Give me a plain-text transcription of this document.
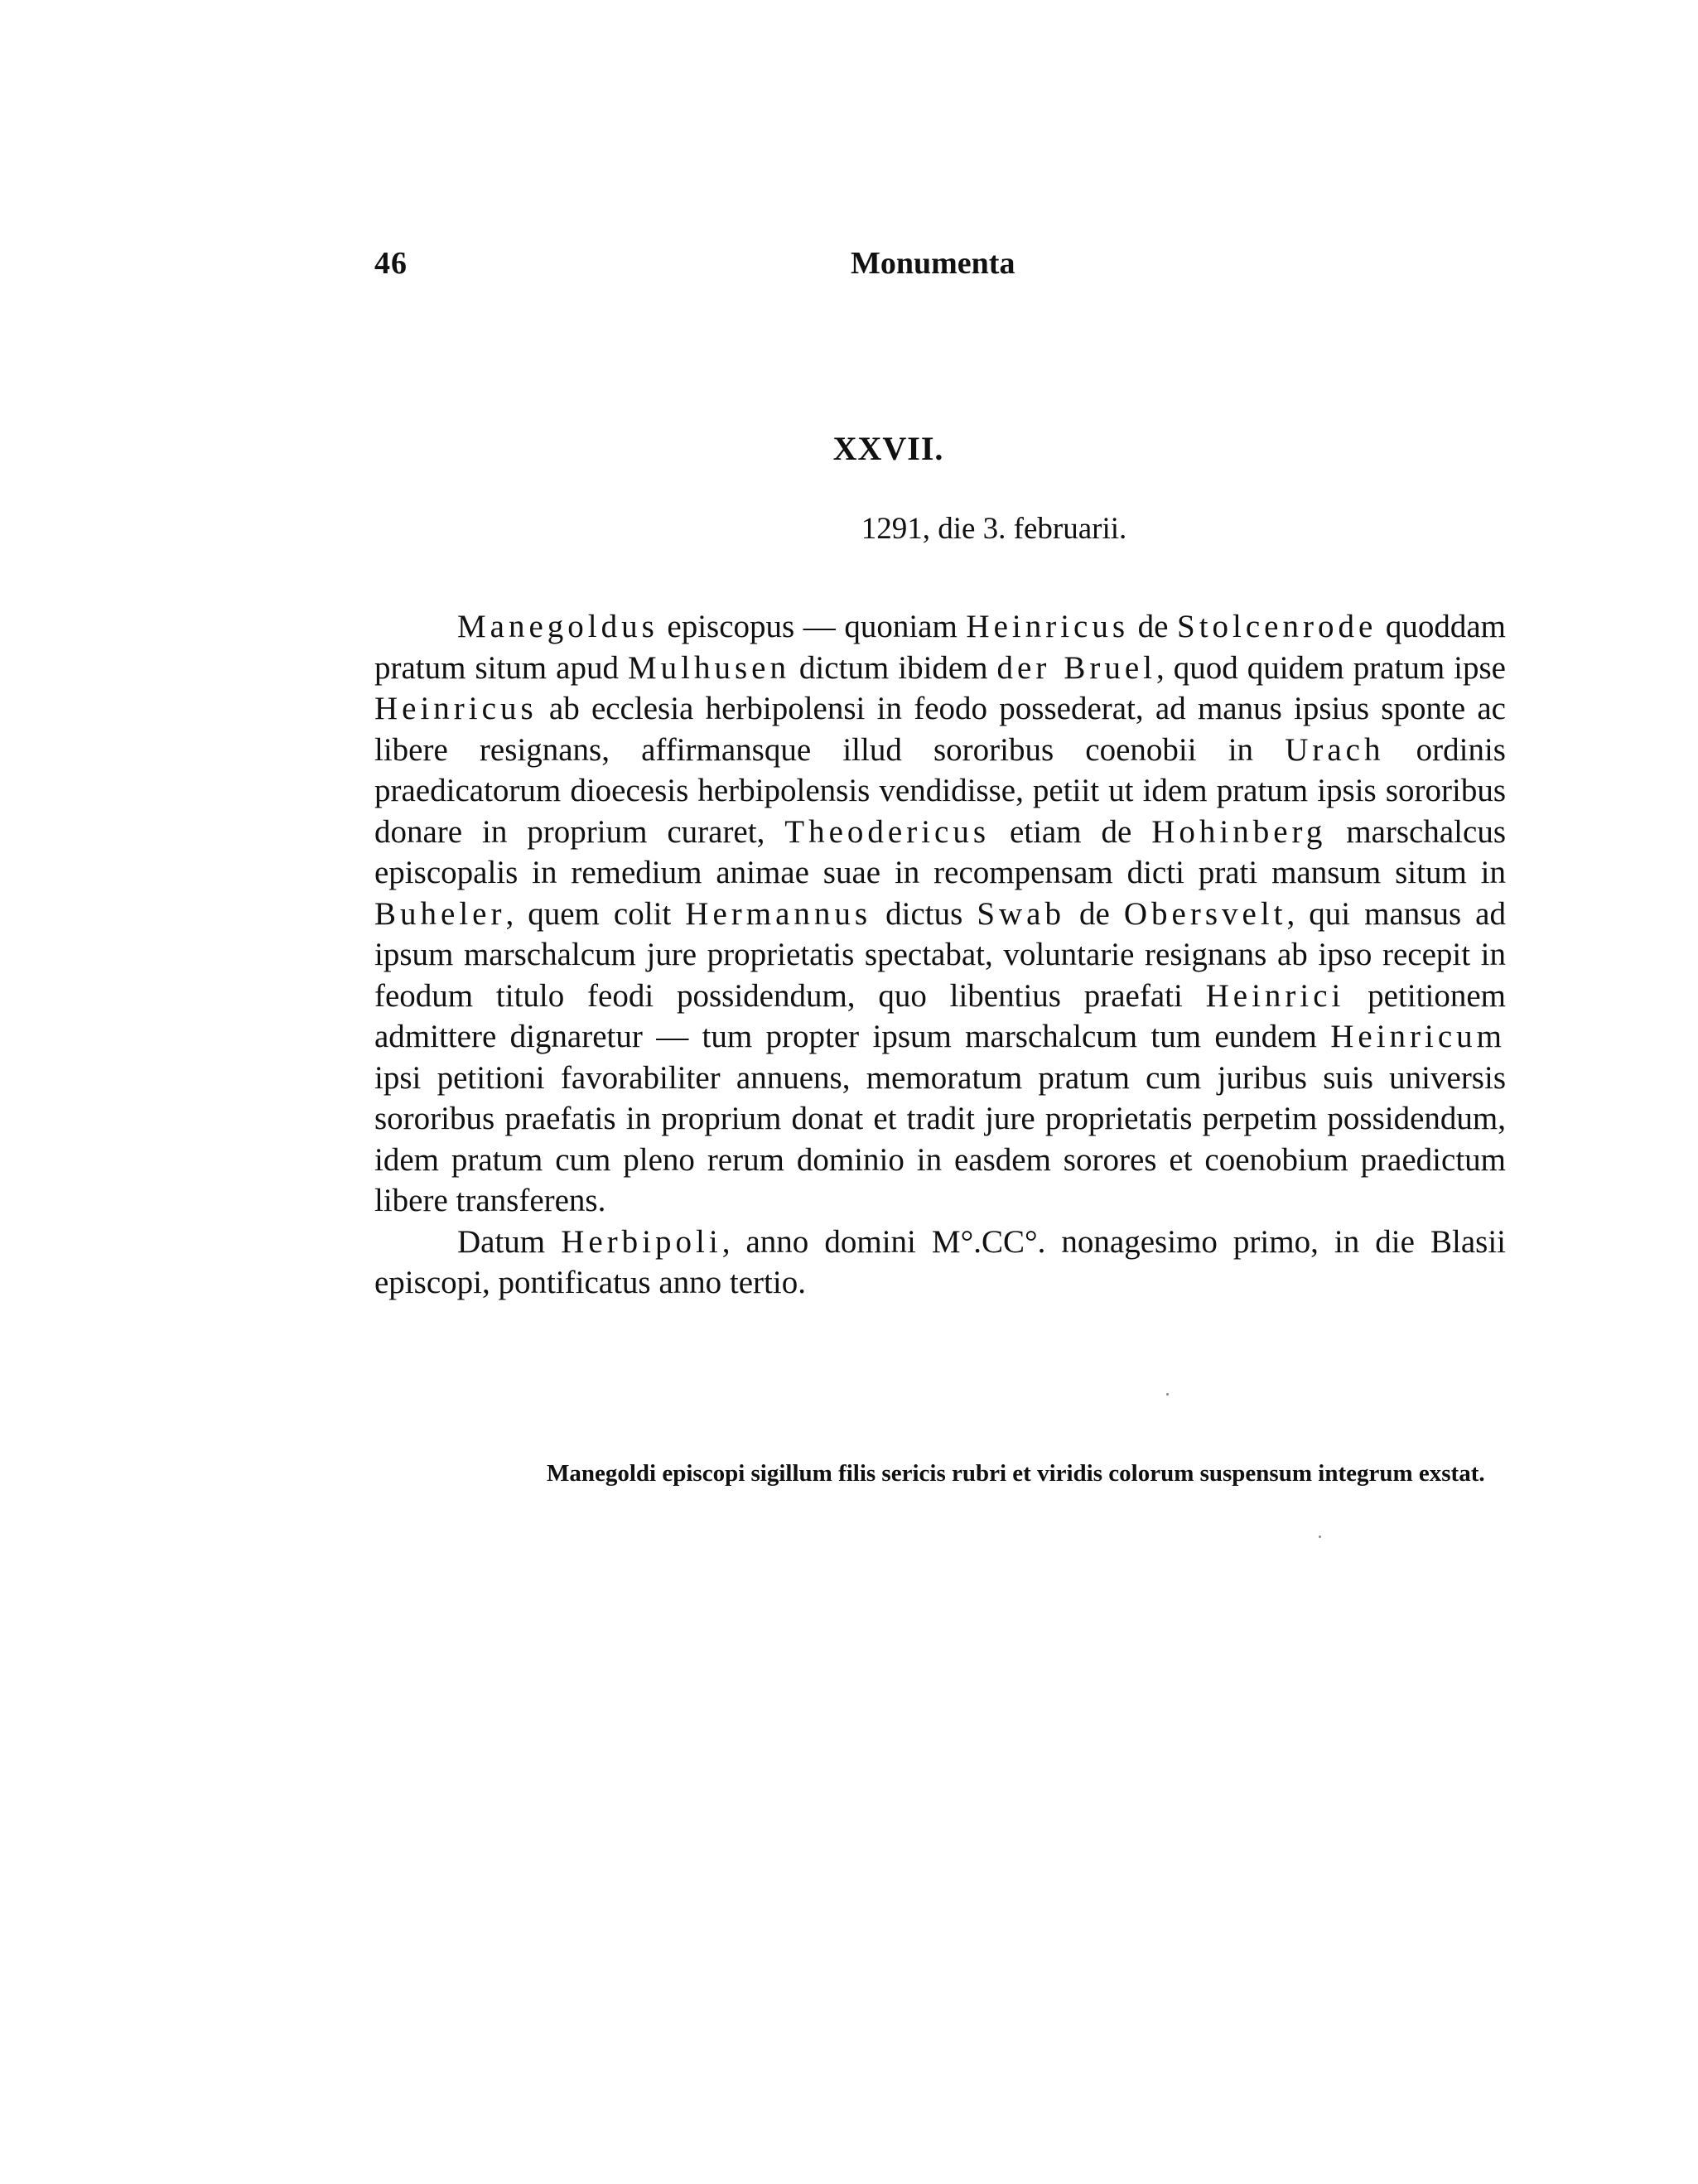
46	Monumenta
XXVII.
1291, die 3. februarii.

Manegoldus episcopus — quoniam Heinricus de Stolcenrode quoddam pratum situm apud Mulhusen dictum ibidem der Bruel, quod quidem pratum ipse Heinricus ab ecclesia herbipolensi in feodo possederat, ad manus ipsius sponte ac libere resignans, affirmansque illud sororibus coenobii in Urach ordinis praedicatorum dioecesis herbipolensis vendidisse, petiit ut idem pratum ipsis sororibus donare in proprium curaret, Theodericus etiam de Hohinberg marschalcus episcopalis in remedium animae suae in recompensam dicti prati mansum situm in Buheler, quem colit Hermannus dictus Swab de Obersvelt, qui mansus ad ipsum marschalcum jure proprietatis spectabat, voluntarie resignans ab ipso recepit in feodum titulo feodi possidendum, quo libentius praefati Heinrici petitionem admittere dignaretur — tum propter ipsum marschalcum tum eundem Heinricum ipsi petitioni favorabiliter annuens, memoratum pratum cum juribus suis universis sororibus praefatis in proprium donat et tradit jure proprietatis perpetim possidendum, idem pratum cum pleno rerum dominio in easdem sorores et coenobium praedictum libere transferens.

Datum Herbipoli, anno domini M°.CC°. nonagesimo primo, in die Blasii episcopi, pontificatus anno tertio.

Manegoldi episcopi sigillum filis sericis rubri et viridis colorum suspensum integrum exstat.
